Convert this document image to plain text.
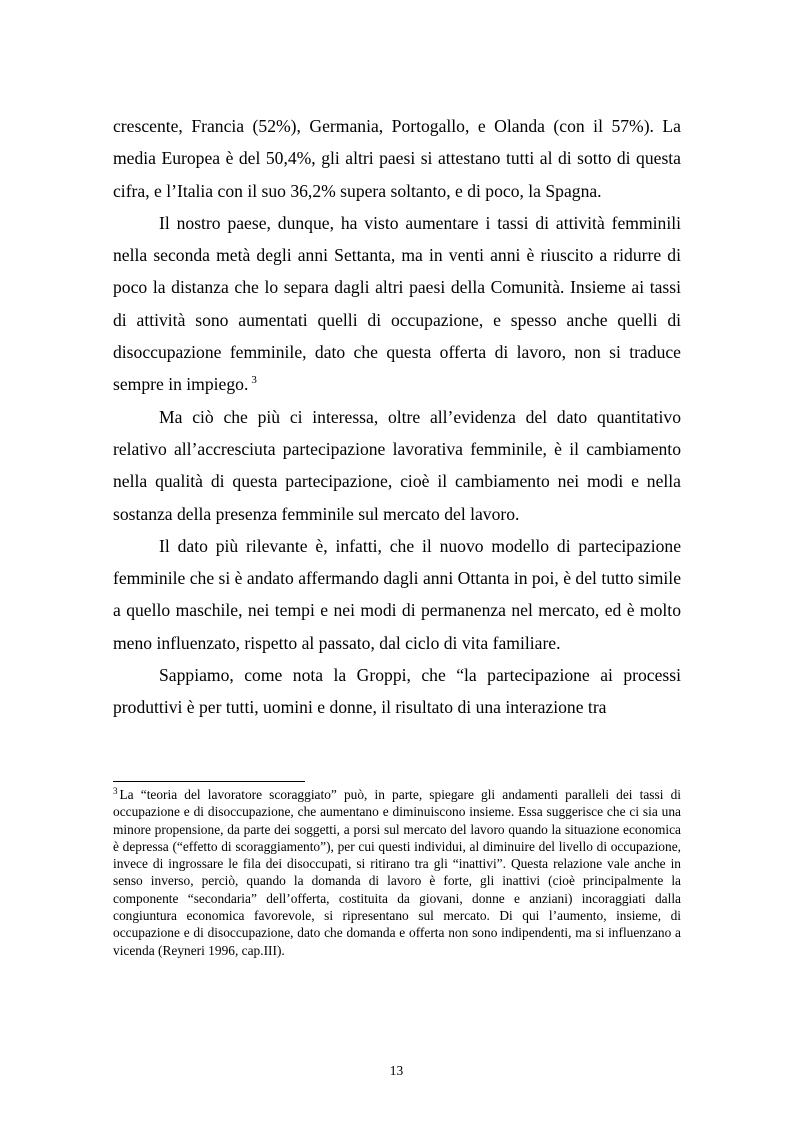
crescente, Francia (52%), Germania, Portogallo, e Olanda (con il 57%). La media Europea è del 50,4%, gli altri paesi si attestano tutti al di sotto di questa cifra, e l’Italia con il suo 36,2% supera soltanto, e di poco, la Spagna.

Il nostro paese, dunque, ha visto aumentare i tassi di attività femminili nella seconda metà degli anni Settanta, ma in venti anni è riuscito a ridurre di poco la distanza che lo separa dagli altri paesi della Comunità. Insieme ai tassi di attività sono aumentati quelli di occupazione, e spesso anche quelli di disoccupazione femminile, dato che questa offerta di lavoro, non si traduce sempre in impiego. $^3$

Ma ciò che più ci interessa, oltre all’evidenza del dato quantitativo relativo all’accresciuta partecipazione lavorativa femminile, è il cambiamento nella qualità di questa partecipazione, cioè il cambiamento nei modi e nella sostanza della presenza femminile sul mercato del lavoro.

Il dato più rilevante è, infatti, che il nuovo modello di partecipazione femminile che si è andato affermando dagli anni Ottanta in poi, è del tutto simile a quello maschile, nei tempi e nei modi di permanenza nel mercato, ed è molto meno influenzato, rispetto al passato, dal ciclo di vita familiare.

Sappiamo, come nota la Groppi, che “la partecipazione ai processi produttivi è per tutti, uomini e donne, il risultato di una interazione tra

$^3$ La “teoria del lavoratore scoraggiato” può, in parte, spiegare gli andamenti paralleli dei tassi di occupazione e di disoccupazione, che aumentano e diminuiscono insieme. Essa suggerisce che ci sia una minore propensione, da parte dei soggetti, a porsi sul mercato del lavoro quando la situazione economica è depressa (“effetto di scoraggiamento”), per cui questi individui, al diminuire del livello di occupazione, invece di ingrossare le fila dei disoccupati, si ritirano tra gli “inattivi”. Questa relazione vale anche in senso inverso, perciò, quando la domanda di lavoro è forte, gli inattivi (cioè principalmente la componente “secondaria” dell’offerta, costituita da giovani, donne e anziani) incoraggiati dalla congiuntura economica favorevole, si ripresentano sul mercato. Di qui l’aumento, insieme, di occupazione e di disoccupazione, dato che domanda e offerta non sono indipendenti, ma si influenzano a vicenda (Reyneri 1996, cap.III).
13
